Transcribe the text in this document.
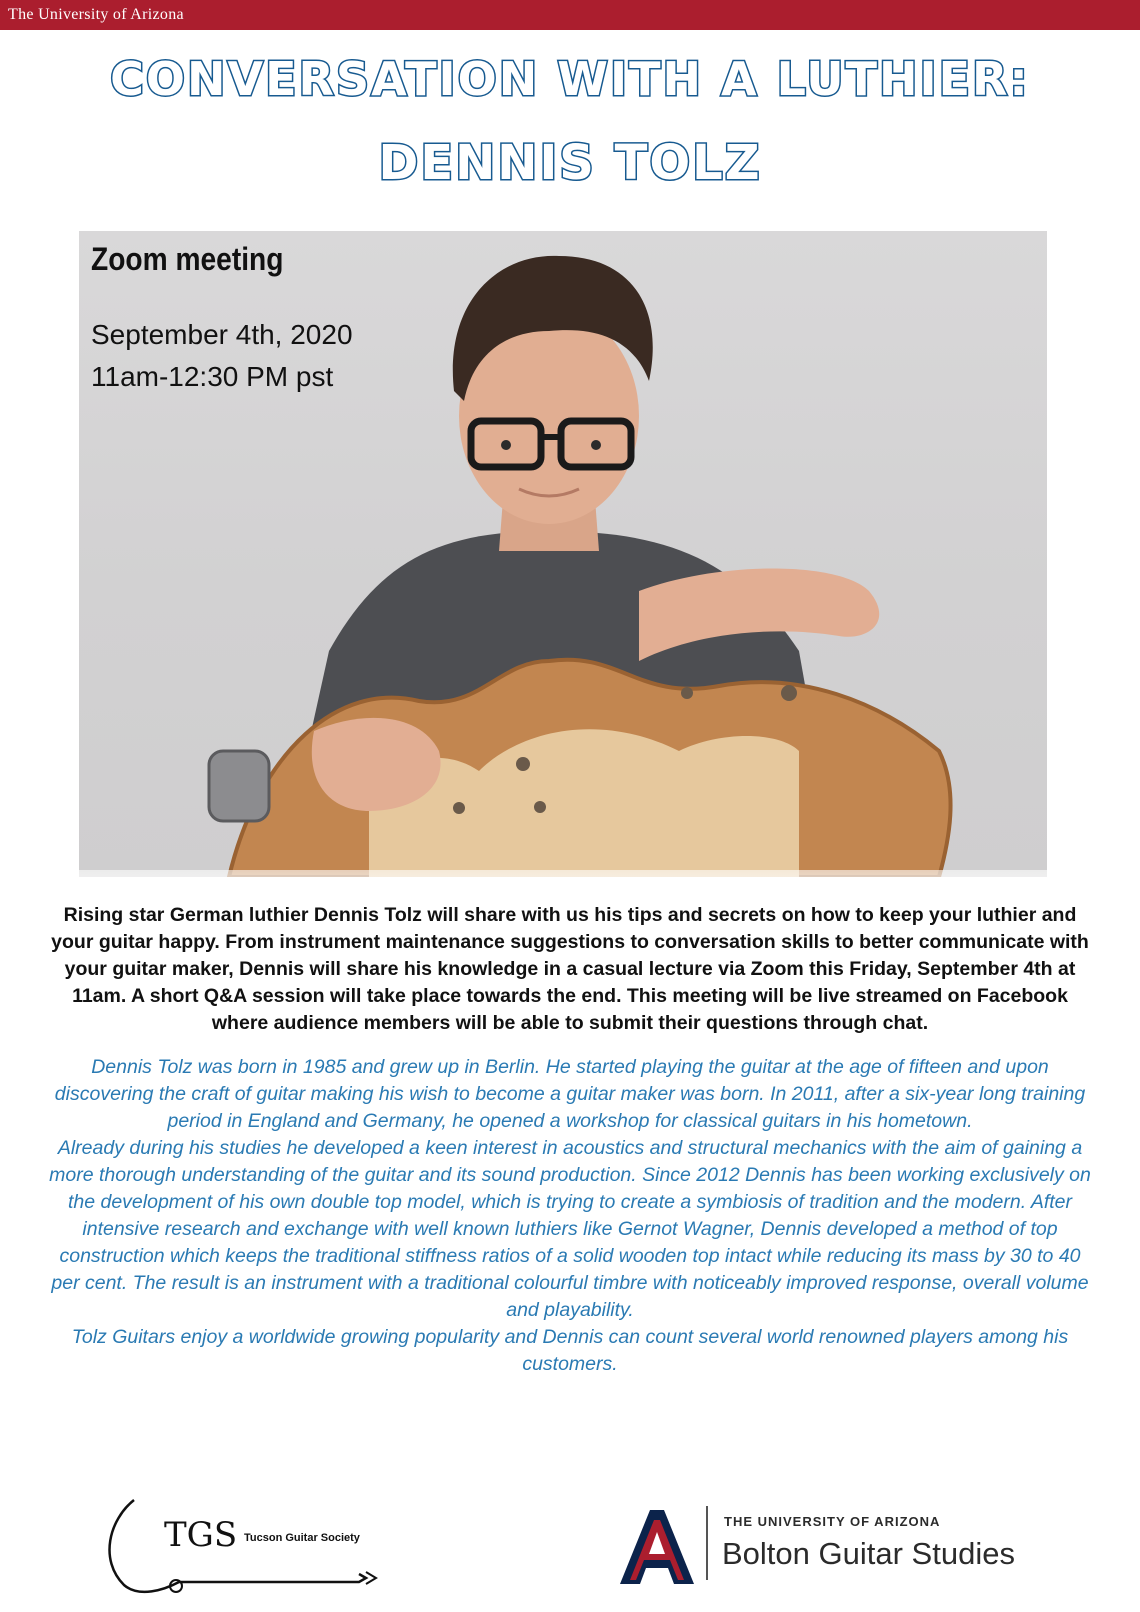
The University of Arizona
CONVERSATION WITH A LUTHIER:
DENNIS TOLZ
Zoom meeting
September 4th, 2020
11am-12:30 PM pst

Rising star German luthier Dennis Tolz will share with us his tips and secrets on how to keep your luthier and your guitar happy. From instrument maintenance suggestions to conversation skills to better communicate with your guitar maker, Dennis will share his knowledge in a casual lecture via Zoom this Friday, September 4th at 11am. A short Q&A session will take place towards the end. This meeting will be live streamed on Facebook where audience members will be able to submit their questions through chat.

Dennis Tolz was born in 1985 and grew up in Berlin. He started playing the guitar at the age of fifteen and upon discovering the craft of guitar making his wish to become a guitar maker was born. In 2011, after a six-year long training period in England and Germany, he opened a workshop for classical guitars in his hometown.

Already during his studies he developed a keen interest in acoustics and structural mechanics with the aim of gaining a more thorough understanding of the guitar and its sound production. Since 2012 Dennis has been working exclusively on the development of his own double top model, which is trying to create a symbiosis of tradition and the modern. After intensive research and exchange with well known luthiers like Gernot Wagner, Dennis developed a method of top construction which keeps the traditional stiffness ratios of a solid wooden top intact while reducing its mass by 30 to 40 per cent. The result is an instrument with a traditional colourful timbre with noticeably improved response, overall volume and playability.

Tolz Guitars enjoy a worldwide growing popularity and Dennis can count several world renowned players among his customers.

TGS Tucson Guitar Society
THE UNIVERSITY OF ARIZONA
Bolton Guitar Studies
